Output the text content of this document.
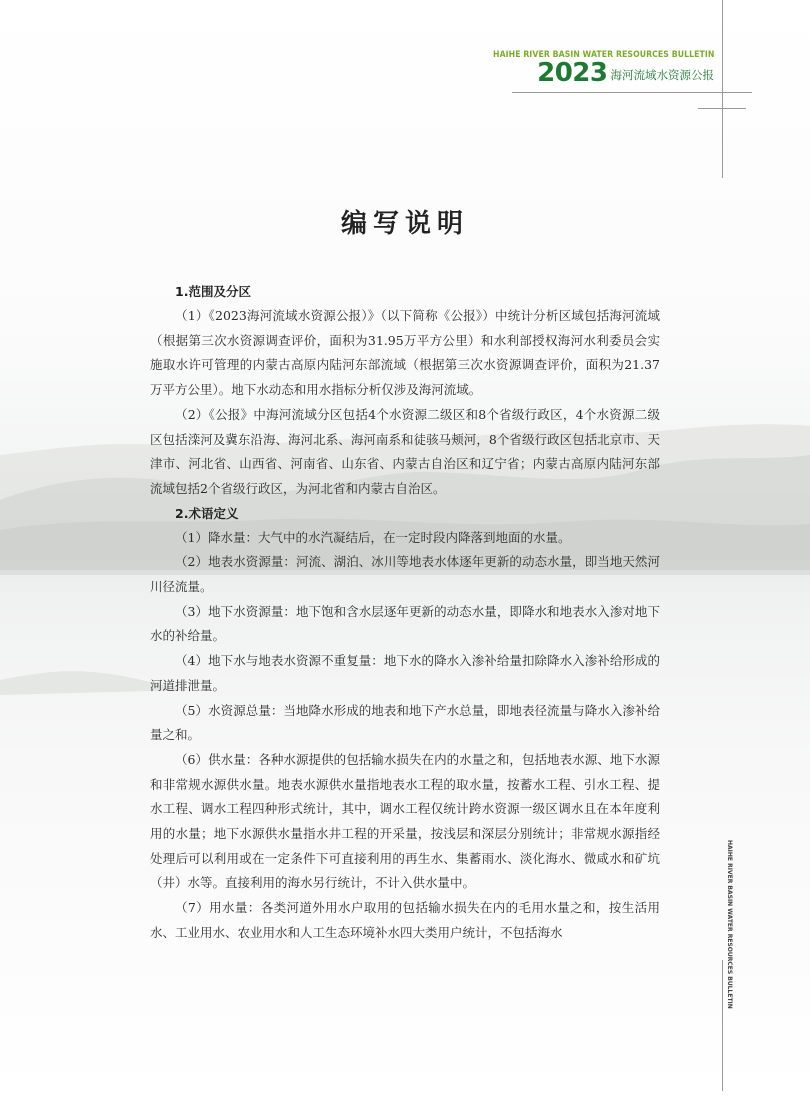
HAIHE RIVER BASIN WATER RESOURCES BULLETIN
2023 海河流域水资源公报
编写说明
1.范围及分区

（1）《2023海河流域水资源公报）》（以下简称《公报》）中统计分析区域包括海河流域（根据第三次水资源调查评价，面积为31.95万平方公里）和水利部授权海河水利委员会实施取水许可管理的内蒙古高原内陆河东部流域（根据第三次水资源调查评价，面积为21.37万平方公里）。地下水动态和用水指标分析仅涉及海河流域。

（2）《公报》中海河流域分区包括4个水资源二级区和8个省级行政区，4个水资源二级区包括滦河及冀东沿海、海河北系、海河南系和徒骇马颊河，8个省级行政区包括北京市、天津市、河北省、山西省、河南省、山东省、内蒙古自治区和辽宁省；内蒙古高原内陆河东部流域包括2个省级行政区，为河北省和内蒙古自治区。

2.术语定义

（1）降水量：大气中的水汽凝结后，在一定时段内降落到地面的水量。

（2）地表水资源量：河流、湖泊、冰川等地表水体逐年更新的动态水量，即当地天然河川径流量。

（3）地下水资源量：地下饱和含水层逐年更新的动态水量，即降水和地表水入渗对地下水的补给量。

（4）地下水与地表水资源不重复量：地下水的降水入渗补给量扣除降水入渗补给形成的河道排泄量。

（5）水资源总量：当地降水形成的地表和地下产水总量，即地表径流量与降水入渗补给量之和。

（6）供水量：各种水源提供的包括输水损失在内的水量之和，包括地表水源、地下水源和非常规水源供水量。地表水源供水量指地表水工程的取水量，按蓄水工程、引水工程、提水工程、调水工程四种形式统计，其中，调水工程仅统计跨水资源一级区调水且在本年度利用的水量；地下水源供水量指水井工程的开采量，按浅层和深层分别统计；非常规水源指经处理后可以利用或在一定条件下可直接利用的再生水、集蓄雨水、淡化海水、微咸水和矿坑（井）水等。直接利用的海水另行统计，不计入供水量中。

（7）用水量：各类河道外用水户取用的包括输水损失在内的毛用水量之和，按生活用水、工业用水、农业用水和人工生态环境补水四大类用户统计，不包括海水	HAIHE RIVER BASIN WATER RESOURCES BULLETIN
